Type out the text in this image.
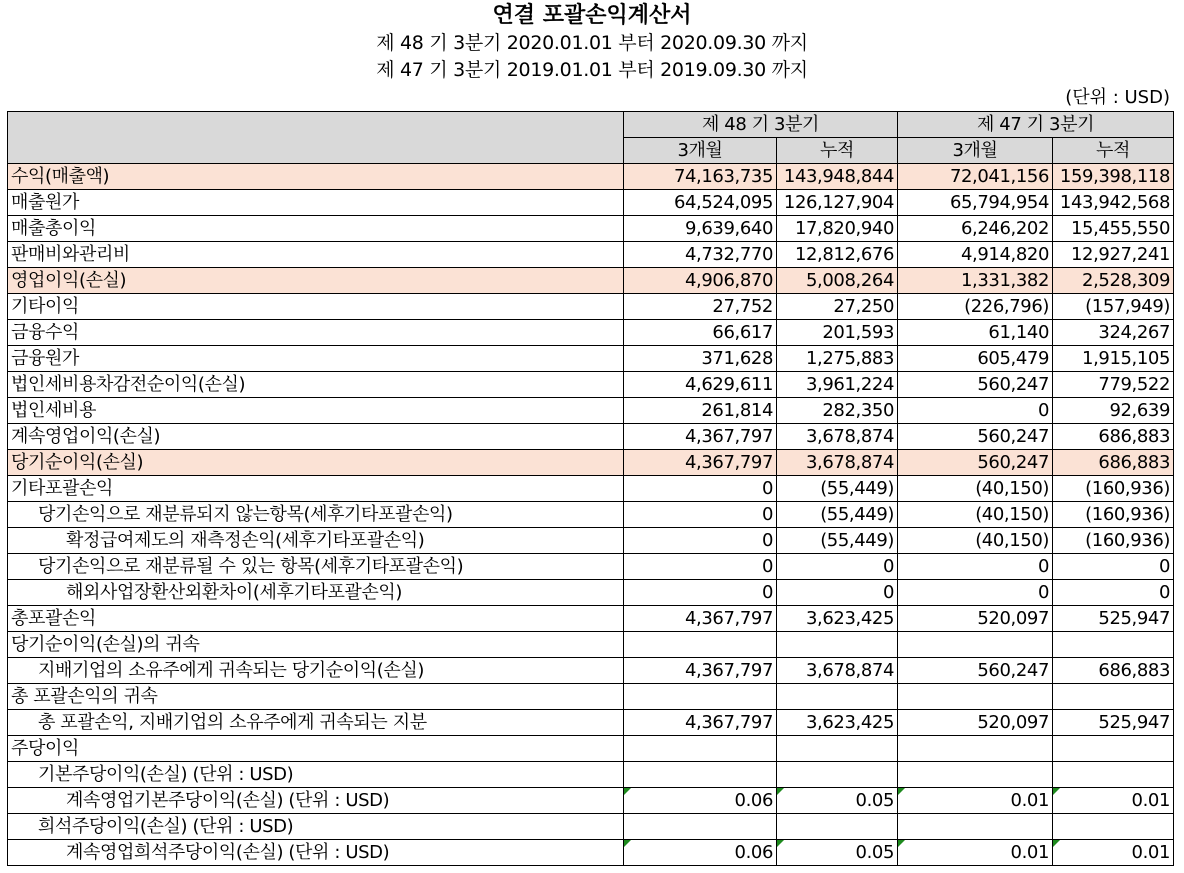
연결 포괄손익계산서
제 48 기 3분기 2020.01.01 부터 2020.09.30 까지
제 47 기 3분기 2019.01.01 부터 2019.09.30 까지
(단위 : USD)
	제 48 기 3분기		제 47 기 3분기	
	3개월	누적	3개월	누적
수익(매출액)	74,163,735	143,948,844	72,041,156	159,398,118
매출원가	64,524,095	126,127,904	65,794,954	143,942,568
매출총이익	9,639,640	17,820,940	6,246,202	15,455,550
판매비와관리비	4,732,770	12,812,676	4,914,820	12,927,241
영업이익(손실)	4,906,870	5,008,264	1,331,382	2,528,309
기타이익	27,752	27,250	(226,796)	(157,949)
금융수익	66,617	201,593	61,140	324,267
금융원가	371,628	1,275,883	605,479	1,915,105
법인세비용차감전순이익(손실)	4,629,611	3,961,224	560,247	779,522
법인세비용	261,814	282,350	0	92,639
계속영업이익(손실)	4,367,797	3,678,874	560,247	686,883
당기순이익(손실)	4,367,797	3,678,874	560,247	686,883
기타포괄손익	0	(55,449)	(40,150)	(160,936)
당기손익으로 재분류되지 않는항목(세후기타포괄손익)	0	(55,449)	(40,150)	(160,936)
확정급여제도의 재측정손익(세후기타포괄손익)	0	(55,449)	(40,150)	(160,936)
당기손익으로 재분류될 수 있는 항목(세후기타포괄손익)	0	0	0	0
해외사업장환산외환차이(세후기타포괄손익)	0	0	0	0
총포괄손익	4,367,797	3,623,425	520,097	525,947
당기순이익(손실)의 귀속				
지배기업의 소유주에게 귀속되는 당기순이익(손실)	4,367,797	3,678,874	560,247	686,883
총 포괄손익의 귀속				
총 포괄손익, 지배기업의 소유주에게 귀속되는 지분	4,367,797	3,623,425	520,097	525,947
주당이익				
기본주당이익(손실) (단위 : USD)				
계속영업기본주당이익(손실) (단위 : USD)	0.06	0.05	0.01	0.01
희석주당이익(손실) (단위 : USD)				
계속영업희석주당이익(손실) (단위 : USD)	0.06	0.05	0.01	0.01
